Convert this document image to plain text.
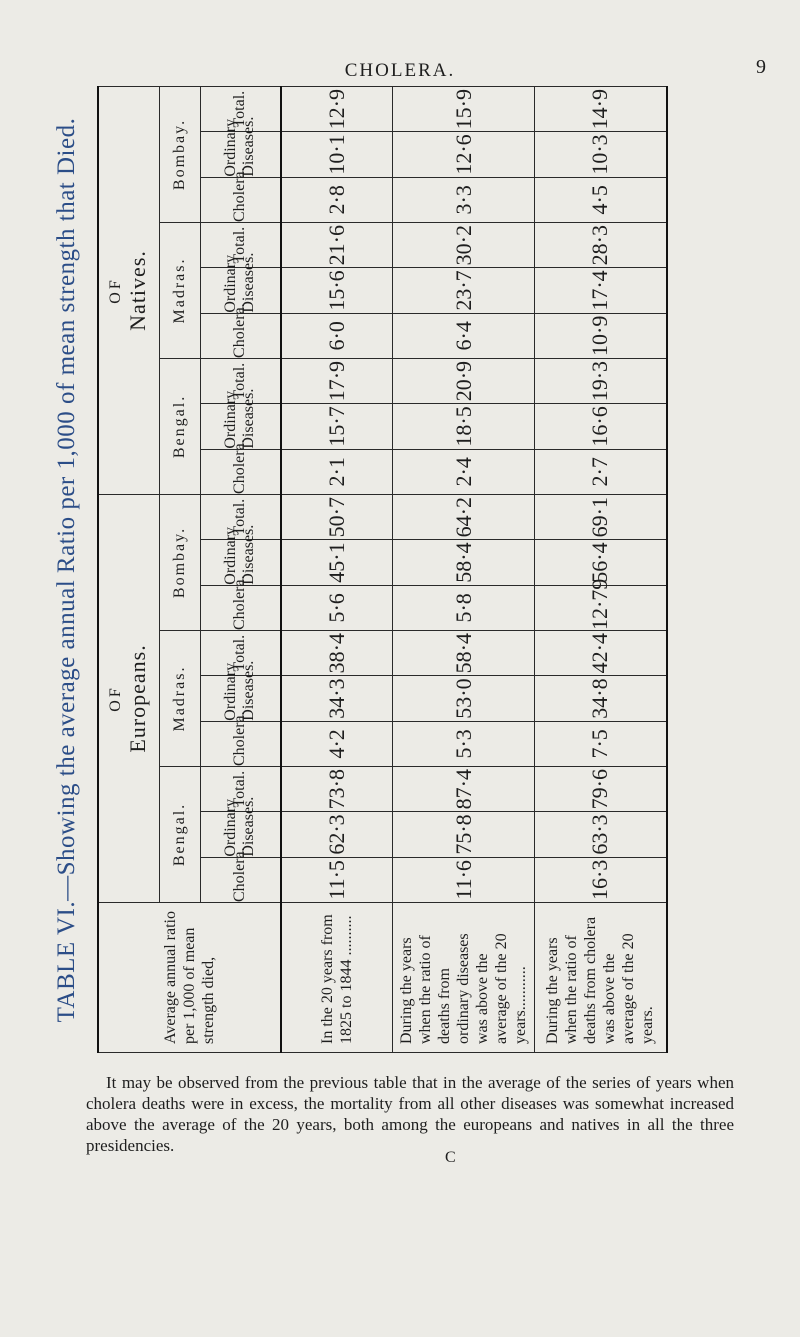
CHOLERA.	9
TABLE VI.—Showing the average annual Ratio per 1,000 of mean strength that Died.	Average annual ratio per 1,000 of mean strength died,	OF Europeans.									OF Natives.								
	Bengal.			Madras.			Bombay.			Bengal.			Madras.			Bombay.		
	Cholera.	Ordinary Diseases.	Total.	Cholera.	Ordinary Diseases.	Total.	Cholera.	Ordinary Diseases.	Total.	Cholera.	Ordinary Diseases.	Total.	Cholera.	Ordinary Diseases.	Total.	Cholera.	Ordinary Diseases.	Total.
In the 20 years from 1825 to 1844 ..........	11·5	62·3	73·8	4·2	34·3	38·4	5·6	45·1	50·7	2·1	15·7	17·9	6·0	15·6	21·6	2·8	10·1	12·9
During the years when the ratio of deaths from ordinary diseases was above the average of the 20 years...........	11·6	75·8	87·4	5·3	53·0	58·4	5·8	58·4	64·2	2·4	18·5	20·9	6·4	23·7	30·2	3·3	12·6	15·9
During the years when the ratio of deaths from cholera was above the average of the 20 years.	16·3	63·3	79·6	7·5	34·8	42·4	12·79	56·4	69·1	2·7	16·6	19·3	10·9	17·4	28·3	4·5	10·3	14·9
It may be observed from the previous table that in the average of the series of years when cholera deaths were in excess, the mortality from all other diseases was somewhat increased above the average of the 20 years, both among the europeans and natives in all the three presidencies.
C
